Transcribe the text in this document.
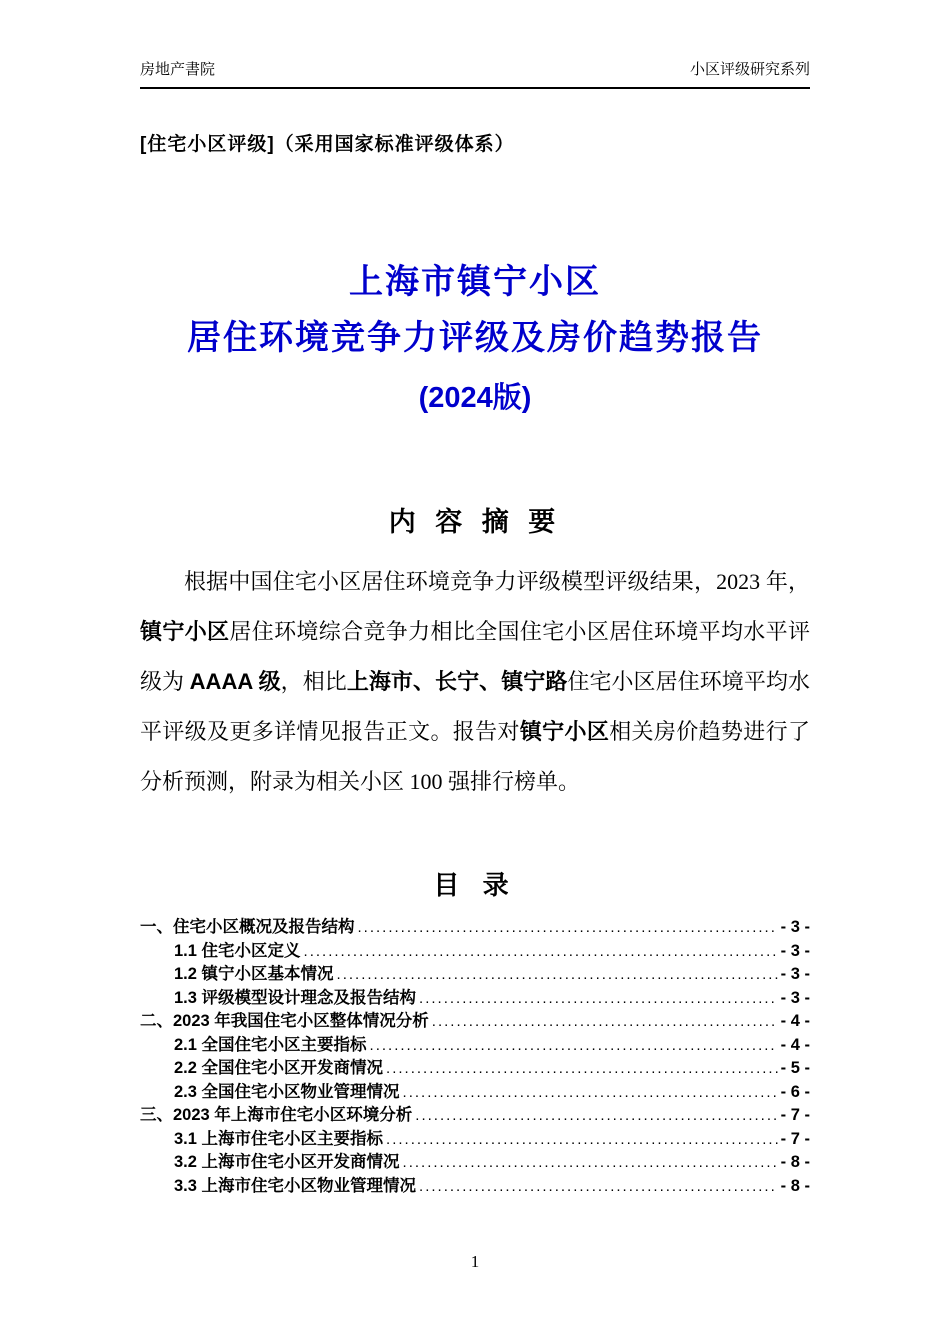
房地产書院	小区评级研究系列
[住宅小区评级]（采用国家标准评级体系）
上海市镇宁小区
居住环境竞争力评级及房价趋势报告
(2024版)
内 容 摘 要
根据中国住宅小区居住环境竞争力评级模型评级结果，2023 年，镇宁小区居住环境综合竞争力相比全国住宅小区居住环境平均水平评级为 AAAA 级，相比上海市、长宁、镇宁路住宅小区居住环境平均水平评级及更多详情见报告正文。报告对镇宁小区相关房价趋势进行了分析预测，附录为相关小区 100 强排行榜单。
目 录
一、住宅小区概况及报告结构 .....	- 3 -
1.1 住宅小区定义 .....	- 3 -
1.2 镇宁小区基本情况 .....	- 3 -
1.3 评级模型设计理念及报告结构 .....	- 3 -
二、2023 年我国住宅小区整体情况分析 .....	- 4 -
2.1 全国住宅小区主要指标 .....	- 4 -
2.2 全国住宅小区开发商情况 .....	- 5 -
2.3 全国住宅小区物业管理情况 .....	- 6 -
三、2023 年上海市住宅小区环境分析 .....	- 7 -
3.1 上海市住宅小区主要指标 .....	- 7 -
3.2 上海市住宅小区开发商情况 .....	- 8 -
3.3 上海市住宅小区物业管理情况 .....	- 8 -
1
